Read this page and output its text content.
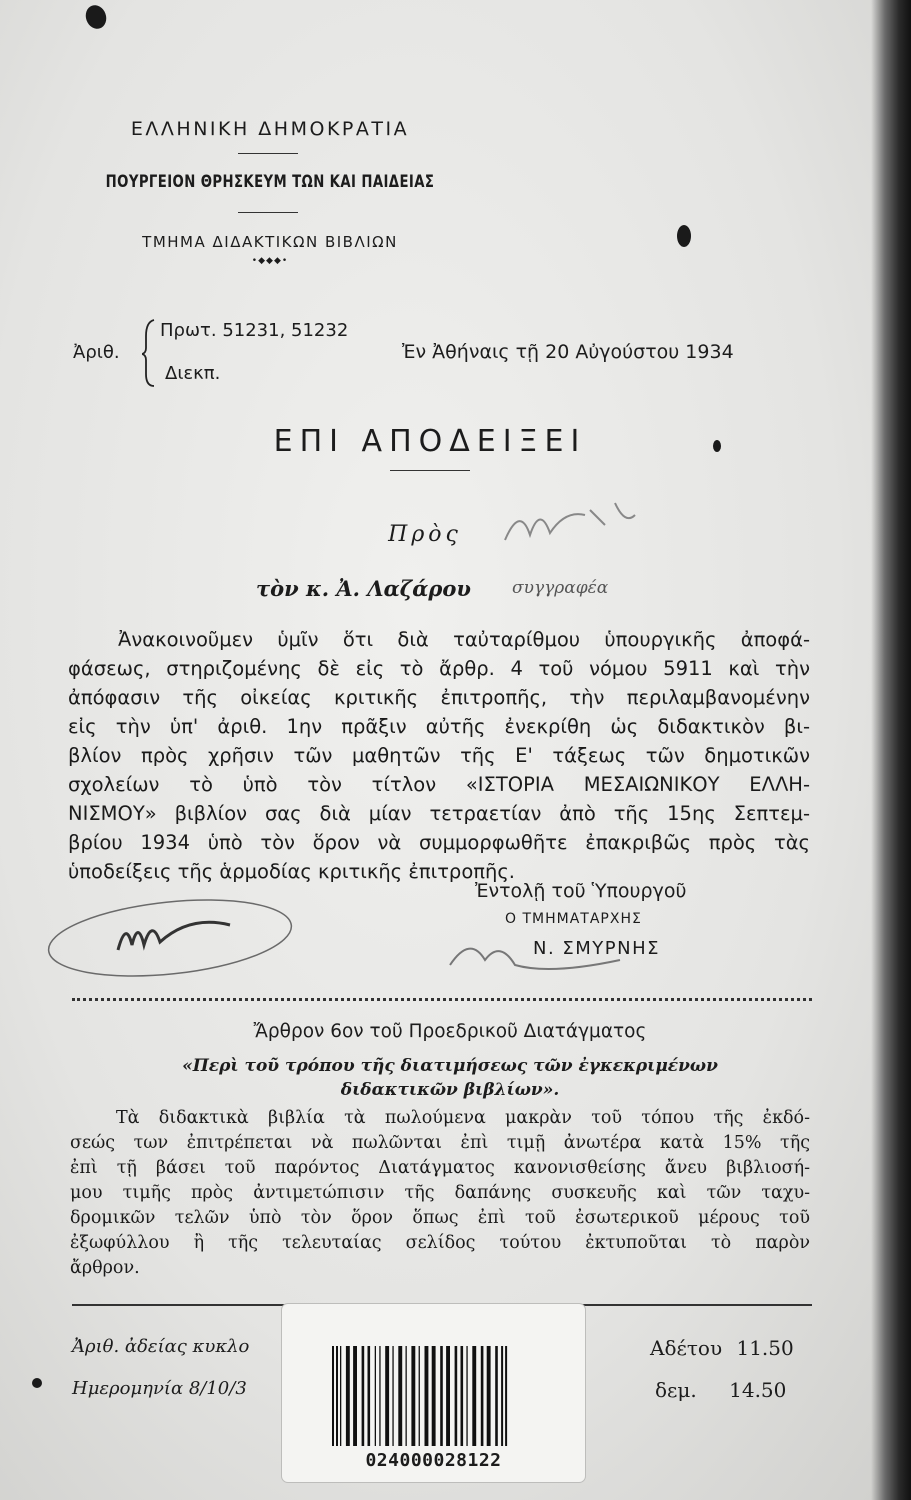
ΕΛΛΗΝΙΚΗ ΔΗΜΟΚΡΑΤΙΑ
ΠΟΥΡΓΕΙΟΝ ΘΡΗΣΚΕΥΜ ΤΩΝ ΚΑΙ ΠΑΙΔΕΙΑΣ
ΤΜΗΜΑ ΔΙΔΑΚΤΙΚΩΝ ΒΙΒΛΙΩΝ
•◆◆◆•
Ἀριθ.
Πρωτ. 51231, 51232
Διεκπ.
Ἐν Ἀθήναις τῇ 20 Αὐγούστου 1934
ΕΠΙ ΑΠΟΔΕΙΞΕΙ
Πρὸς
τὸν κ. Ἀ. Λαζάρου συγγραφέα

Ἀνακοινοῦμεν ὑμῖν ὅτι διὰ ταὐταρίθμου ὑπουργικῆς ἀποφά-

φάσεως, στηριζομένης δὲ εἰς τὸ ἄρθρ. 4 τοῦ νόμου 5911 καὶ τὴν

ἀπόφασιν τῆς οἰκείας κριτικῆς ἐπιτροπῆς, τὴν περιλαμβανομένην

εἰς τὴν ὑπ' ἀριθ. 1ην πρᾶξιν αὐτῆς ἐνεκρίθη ὡς διδακτικὸν βι-

βλίον πρὸς χρῆσιν τῶν μαθητῶν τῆς Ε' τάξεως τῶν δημοτικῶν

σχολείων τὸ ὑπὸ τὸν τίτλον «ΙΣΤΟΡΙΑ ΜΕΣΑΙΩΝΙΚΟΥ ΕΛΛΗ-

ΝΙΣΜΟΥ» βιβλίον σας διὰ μίαν τετραετίαν ἀπὸ τῆς 15ης Σεπτεμ-

βρίου 1934 ὑπὸ τὸν ὅρον νὰ συμμορφωθῆτε ἐπακριβῶς πρὸς τὰς

ὑποδείξεις τῆς ἁρμοδίας κριτικῆς ἐπιτροπῆς.

Ἐντολῇ τοῦ Ὑπουργοῦ
Ο ΤΜΗΜΑΤΑΡΧΗΣ
Ν. ΣΜΥΡΝΗΣ
Ἄρθρον 6ον τοῦ Προεδρικοῦ Διατάγματος
«Περὶ τοῦ τρόπου τῆς διατιμήσεως τῶν ἐγκεκριμένων
διδακτικῶν βιβλίων».

Τὰ διδακτικὰ βιβλία τὰ πωλούμενα μακρὰν τοῦ τόπου τῆς ἐκδό-

σεώς των ἐπιτρέπεται νὰ πωλῶνται ἐπὶ τιμῇ ἀνωτέρα κατὰ 15% τῆς

ἐπὶ τῇ βάσει τοῦ παρόντος Διατάγματος κανονισθείσης ἄνευ βιβλιοσή-

μου τιμῆς πρὸς ἀντιμετώπισιν τῆς δαπάνης συσκευῆς καὶ τῶν ταχυ-

δρομικῶν τελῶν ὑπὸ τὸν ὅρον ὅπως ἐπὶ τοῦ ἐσωτερικοῦ μέρους τοῦ

ἐξωφύλλου ἢ τῆς τελευταίας σελίδος τούτου ἐκτυποῦται τὸ παρὸν

ἄρθρον.

Ἀριθ. ἀδείας κυκλο
Ημερομηνία 8/10/3
Αδέτου 11.50
δεμ. 14.50
024000028122
